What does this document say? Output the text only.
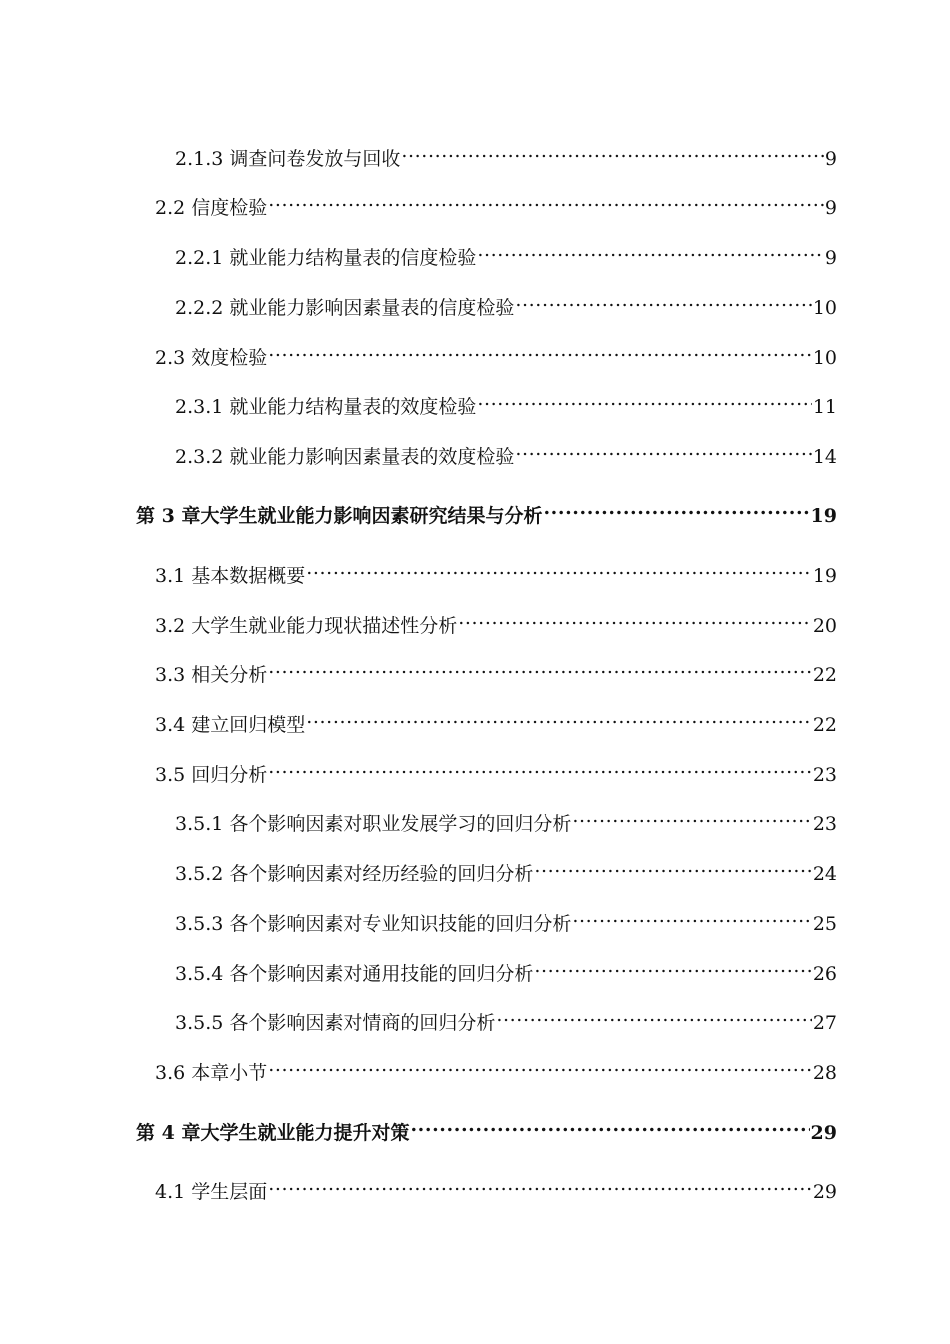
2.1.3 调查问卷发放与回收 .....	9
2.2 信度检验 .....	9
2.2.1 就业能力结构量表的信度检验 .....	9
2.2.2 就业能力影响因素量表的信度检验 .....	10
2.3 效度检验 .....	10
2.3.1 就业能力结构量表的效度检验 .....	11
2.3.2 就业能力影响因素量表的效度检验 .....	14
第 3 章大学生就业能力影响因素研究结果与分析 .....	19
3.1 基本数据概要 .....	19
3.2 大学生就业能力现状描述性分析 .....	20
3.3 相关分析 .....	22
3.4 建立回归模型 .....	22
3.5 回归分析 .....	23
3.5.1 各个影响因素对职业发展学习的回归分析 .....	23
3.5.2 各个影响因素对经历经验的回归分析 .....	24
3.5.3 各个影响因素对专业知识技能的回归分析 .....	25
3.5.4 各个影响因素对通用技能的回归分析 .....	26
3.5.5 各个影响因素对情商的回归分析 .....	27
3.6 本章小节 .....	28
第 4 章大学生就业能力提升对策 .....	29
4.1 学生层面 .....	29
